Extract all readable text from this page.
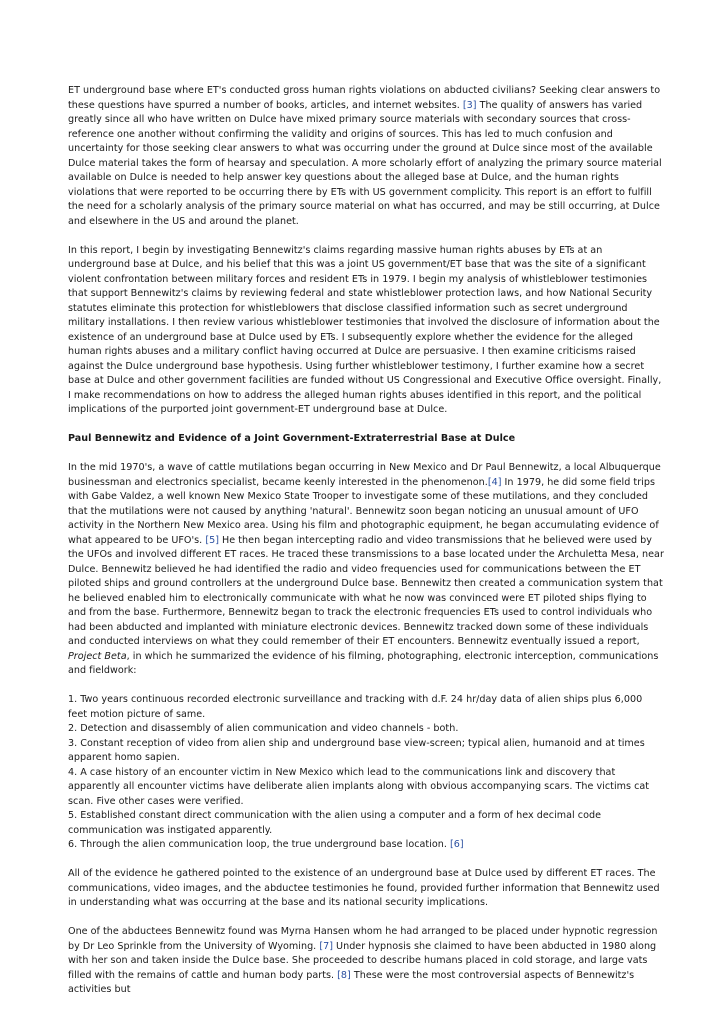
ET underground base where ET's conducted gross human rights violations on abducted civilians? Seeking clear answers to these questions have spurred a number of books, articles, and internet websites. [3] The quality of answers has varied greatly since all who have written on Dulce have mixed primary source materials with secondary sources that cross-reference one another without confirming the validity and origins of sources. This has led to much confusion and uncertainty for those seeking clear answers to what was occurring under the ground at Dulce since most of the available Dulce material takes the form of hearsay and speculation. A more scholarly effort of analyzing the primary source material available on Dulce is needed to help answer key questions about the alleged base at Dulce, and the human rights violations that were reported to be occurring there by ETs with US government complicity. This report is an effort to fulfill the need for a scholarly analysis of the primary source material on what has occurred, and may be still occurring, at Dulce and elsewhere in the US and around the planet.

In this report, I begin by investigating Bennewitz's claims regarding massive human rights abuses by ETs at an underground base at Dulce, and his belief that this was a joint US government/ET base that was the site of a significant violent confrontation between military forces and resident ETs in 1979. I begin my analysis of whistleblower testimonies that support Bennewitz's claims by reviewing federal and state whistleblower protection laws, and how National Security statutes eliminate this protection for whistleblowers that disclose classified information such as secret underground military installations. I then review various whistleblower testimonies that involved the disclosure of information about the existence of an underground base at Dulce used by ETs. I subsequently explore whether the evidence for the alleged human rights abuses and a military conflict having occurred at Dulce are persuasive. I then examine criticisms raised against the Dulce underground base hypothesis. Using further whistleblower testimony, I further examine how a secret base at Dulce and other government facilities are funded without US Congressional and Executive Office oversight. Finally, I make recommendations on how to address the alleged human rights abuses identified in this report, and the political implications of the purported joint government-ET underground base at Dulce.

Paul Bennewitz and Evidence of a Joint Government-Extraterrestrial Base at Dulce

In the mid 1970's, a wave of cattle mutilations began occurring in New Mexico and Dr Paul Bennewitz, a local Albuquerque businessman and electronics specialist, became keenly interested in the phenomenon.[4] In 1979, he did some field trips with Gabe Valdez, a well known New Mexico State Trooper to investigate some of these mutilations, and they concluded that the mutilations were not caused by anything 'natural'. Bennewitz soon began noticing an unusual amount of UFO activity in the Northern New Mexico area. Using his film and photographic equipment, he began accumulating evidence of what appeared to be UFO's. [5] He then began intercepting radio and video transmissions that he believed were used by the UFOs and involved different ET races. He traced these transmissions to a base located under the Archuletta Mesa, near Dulce. Bennewitz believed he had identified the radio and video frequencies used for communications between the ET piloted ships and ground controllers at the underground Dulce base. Bennewitz then created a communication system that he believed enabled him to electronically communicate with what he now was convinced were ET piloted ships flying to and from the base. Furthermore, Bennewitz began to track the electronic frequencies ETs used to control individuals who had been abducted and implanted with miniature electronic devices. Bennewitz tracked down some of these individuals and conducted interviews on what they could remember of their ET encounters. Bennewitz eventually issued a report, Project Beta, in which he summarized the evidence of his filming, photographing, electronic interception, communications and fieldwork:

1. Two years continuous recorded electronic surveillance and tracking with d.F. 24 hr/day data of alien ships plus 6,000 feet motion picture of same.
2. Detection and disassembly of alien communication and video channels - both.
3. Constant reception of video from alien ship and underground base view-screen; typical alien, humanoid and at times apparent homo sapien.
4. A case history of an encounter victim in New Mexico which lead to the communications link and discovery that apparently all encounter victims have deliberate alien implants along with obvious accompanying scars. The victims cat scan. Five other cases were verified.
5. Established constant direct communication with the alien using a computer and a form of hex decimal code communication was instigated apparently.
6. Through the alien communication loop, the true underground base location. [6]

All of the evidence he gathered pointed to the existence of an underground base at Dulce used by different ET races. The communications, video images, and the abductee testimonies he found, provided further information that Bennewitz used in understanding what was occurring at the base and its national security implications.

One of the abductees Bennewitz found was Myrna Hansen whom he had arranged to be placed under hypnotic regression by Dr Leo Sprinkle from the University of Wyoming. [7] Under hypnosis she claimed to have been abducted in 1980 along with her son and taken inside the Dulce base. She proceeded to describe humans placed in cold storage, and large vats filled with the remains of cattle and human body parts. [8] These were the most controversial aspects of Bennewitz's activities but
